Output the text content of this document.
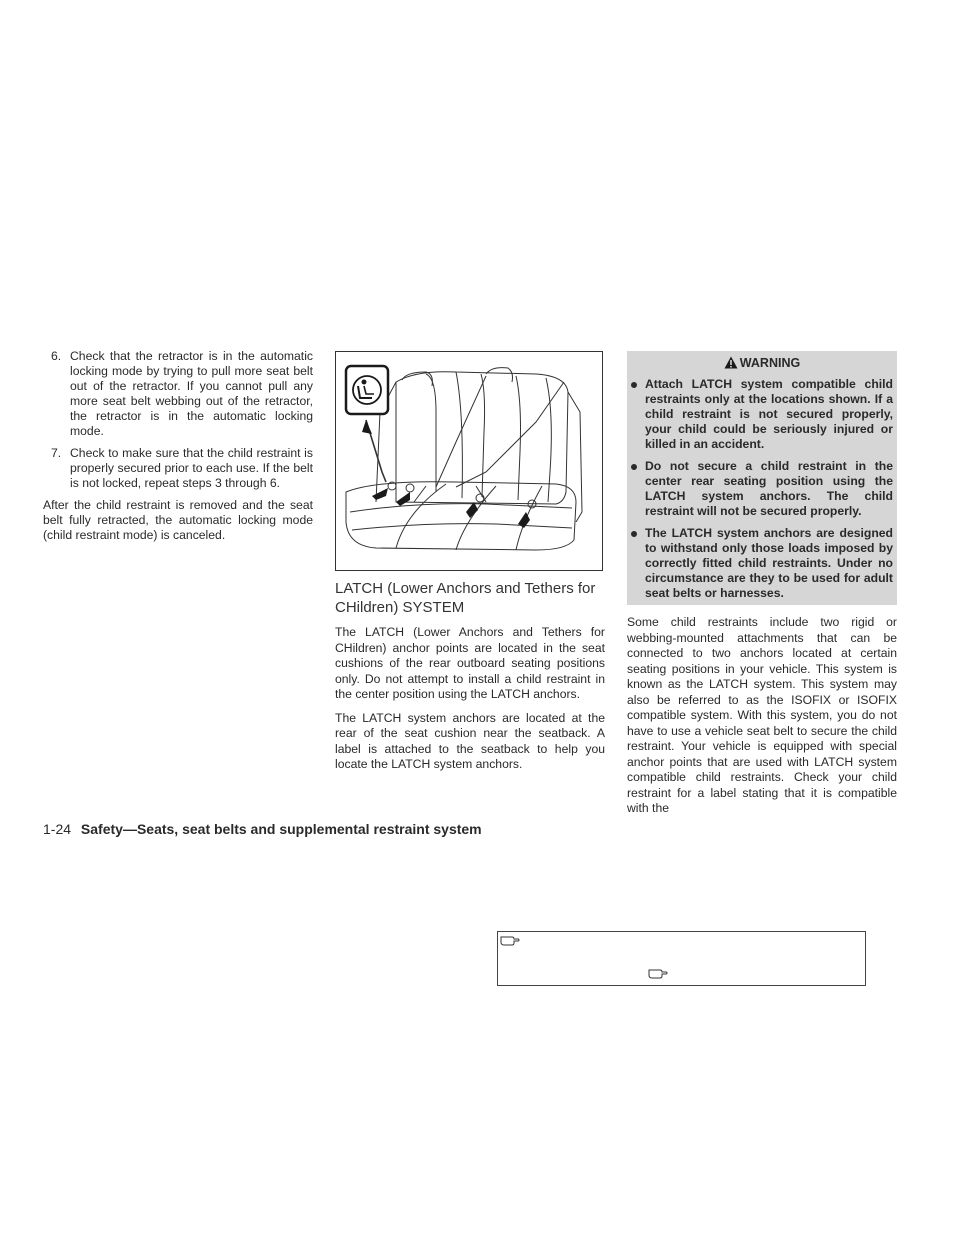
6. Check that the retractor is in the automatic locking mode by trying to pull more seat belt out of the retractor. If you cannot pull any more seat belt webbing out of the retractor, the retractor is in the automatic locking mode.
7. Check to make sure that the child restraint is properly secured prior to each use. If the belt is not locked, repeat steps 3 through 6.

After the child restraint is removed and the seat belt fully retracted, the automatic locking mode (child restraint mode) is canceled.

LATCH (Lower Anchors and Tethers for CHildren) SYSTEM

The LATCH (Lower Anchors and Tethers for CHildren) anchor points are located in the seat cushions of the rear outboard seating positions only. Do not attempt to install a child restraint in the center position using the LATCH anchors.

The LATCH system anchors are located at the rear of the seat cushion near the seatback. A label is attached to the seatback to help you locate the LATCH system anchors.

WARNING
Attach LATCH system compatible child restraints only at the locations shown. If a child restraint is not secured properly, your child could be seriously injured or killed in an accident.
Do not secure a child restraint in the center rear seating position using the LATCH system anchors. The child restraint will not be secured properly.
The LATCH system anchors are designed to withstand only those loads imposed by correctly fitted child restraints. Under no circumstance are they to be used for adult seat belts or harnesses.

Some child restraints include two rigid or webbing-mounted attachments that can be connected to two anchors located at certain seating positions in your vehicle. This system is known as the LATCH system. This system may also be referred to as the ISOFIX or ISOFIX compatible system. With this system, you do not have to use a vehicle seat belt to secure the child restraint. Your vehicle is equipped with special anchor points that are used with LATCH system compatible child restraints. Check your child restraint for a label stating that it is compatible with the

1-24 Safety—Seats, seat belts and supplemental restraint system
